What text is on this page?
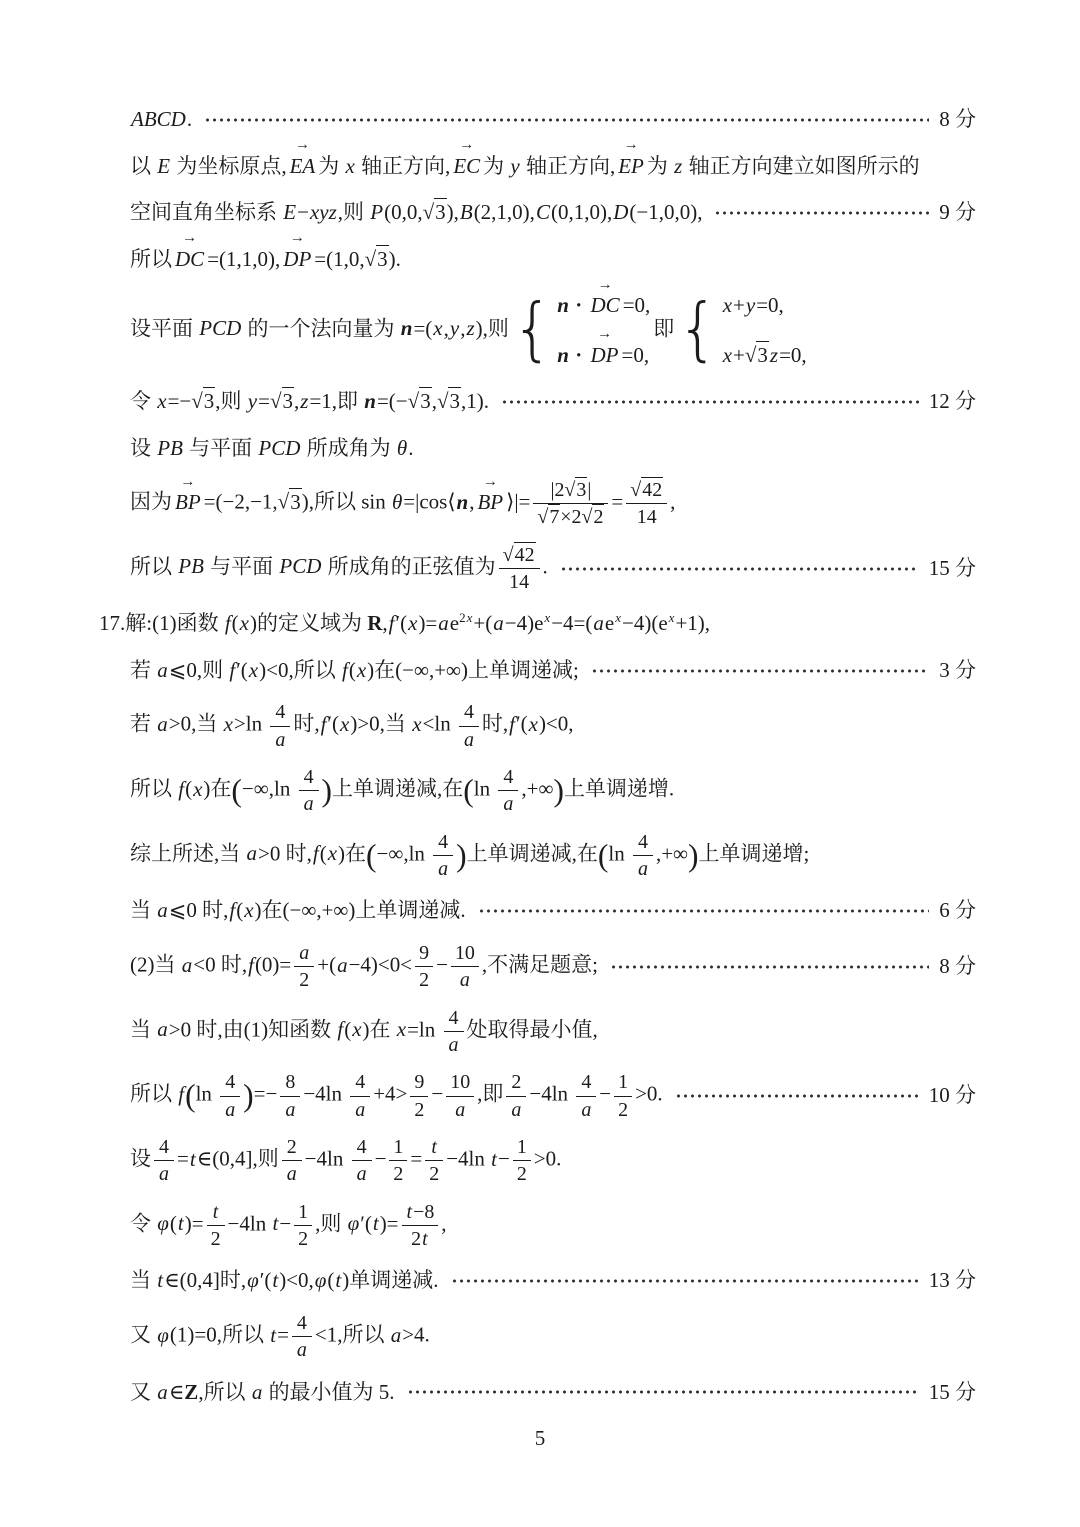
ABCD.	8 分

以 E 为坐标原点, EA → 为 x 轴正方向, EC → 为 y 轴正方向, EP → 为 z 轴正方向建立如图所示的

空间直角坐标系 E−xyz,则 P(0,0,√3),B(2,1,0),C(0,1,0),D(−1,0,0),	9 分

所以 DC → =(1,1,0), DP → =(1,0,√3).

设平面 PCD 的一个法向量为 n=(x,y,z),则 { n · DC → =0,
n · DP → =0,
即 { x+y=0,
x+√3z=0,

令 x=−√3,则 y=√3,z=1,即 n=(−√3,√3,1).	12 分

设 PB 与平面 PCD 所成角为 θ.

因为 BP → =(−2,−1,√3),所以 sin θ=|cos⟨n, BP → ⟩|= $\frac{|2√3|}{√7\times 2√2} = \frac{√42}{14}$ ,

所以 PB 与平面 PCD 所成角的正弦值为 $\frac{√42}{14}$ .	15 分

17.解:(1)函数 f(x)的定义域为 $R,f'(x)=ae^{2x}+(a-4)e^x-4=(ae^x-4)(e^x+1)$,

若 a⩽0,则 f′(x)<0,所以 f(x)在(−∞,+∞)上单调递减;	3 分

若 a>0,当 $x>\ln \frac{4}{a}$ 时,f′(x)>0,当 $x<\ln \frac{4}{a}$ 时,f′(x)<0,

所以 f(x)在($-\infty,\ln \frac{4}{a}$ )上单调递减,在($\ln \frac{4}{a}$ ,+∞)上单调递增.

综上所述,当 a>0 时,f(x)在($-\infty,\ln \frac{4}{a}$ )上单调递减,在($\ln \frac{4}{a}$ ,+∞)上单调递增;

当 a⩽0 时,f(x)在(−∞,+∞)上单调递减.	6 分

(2)当 a<0 时$,f(0)= \frac{a}{2} +(a-4)<0< \frac{9}{2} - \frac{10}{a}$ ,不满足题意;	8 分

当 a>0 时,由(1)知函数 f(x)在 $x=\ln \frac{4}{a}$ 处取得最小值,

所以 $f(\ln \frac{4}{a}$ )=− $\frac{8}{a} -4\ln \frac{4}{a} +4> \frac{9}{2} - \frac{10}{a}$ ,即 $\frac{2}{a} -4\ln \frac{4}{a} - \frac{1}{2} >0$.	10 分

设 $\frac{4}{a}$ =t∈(0,4],则 $\frac{2}{a} -4\ln \frac{4}{a} - \frac{1}{2} = \frac{t}{2} -4\ln$ $t- \frac{1}{2} >0$.

令 $\varphi(t)= \frac{t}{2} -4\ln$ $t- \frac{1}{2}$ ,则 $\varphi'(t)= \frac{t-8}{2t}$ ,

当 t∈(0,4]时,φ′(t)<0,φ(t)单调递减.	13 分

又 φ(1)=0,所以 $t= \frac{4}{a} <1$,所以 a>4.

又 a∈Z,所以 a 的最小值为 5.	15 分

5
